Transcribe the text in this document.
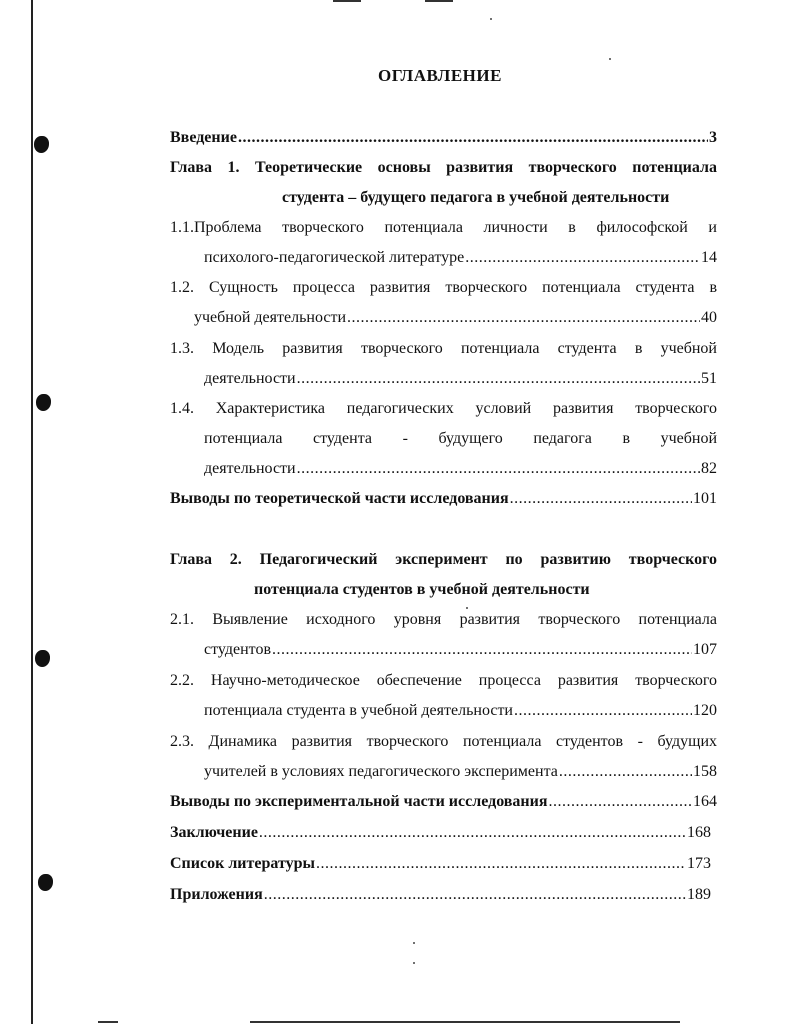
ОГЛАВЛЕНИЕ
Введение .....	3
Глава 1. Теоретические основы развития творческого потенциала
студента – будущего педагога в учебной деятельности
1.1.Проблема творческого потенциала личности в философской и
психолого-педагогической литературе .....	14
1.2. Сущность процесса развития творческого потенциала студента в
учебной деятельности .....	40
1.3. Модель развития творческого потенциала студента в учебной
деятельности .....	51
1.4. Характеристика педагогических условий развития творческого
потенциала студента - будущего педагога в учебной
деятельности .....	82
Выводы по теоретической части исследования .....	101
Глава 2. Педагогический эксперимент по развитию творческого
потенциала студентов в учебной деятельности
2.1. Выявление исходного уровня развития творческого потенциала
студентов .....	107
2.2. Научно-методическое обеспечение процесса развития творческого
потенциала студента в учебной деятельности .....	120
2.3. Динамика развития творческого потенциала студентов - будущих
учителей в условиях педагогического эксперимента .....	158
Выводы по экспериментальной части исследования .....	164
Заключение .....	168
Список литературы .....	173
Приложения .....	189
